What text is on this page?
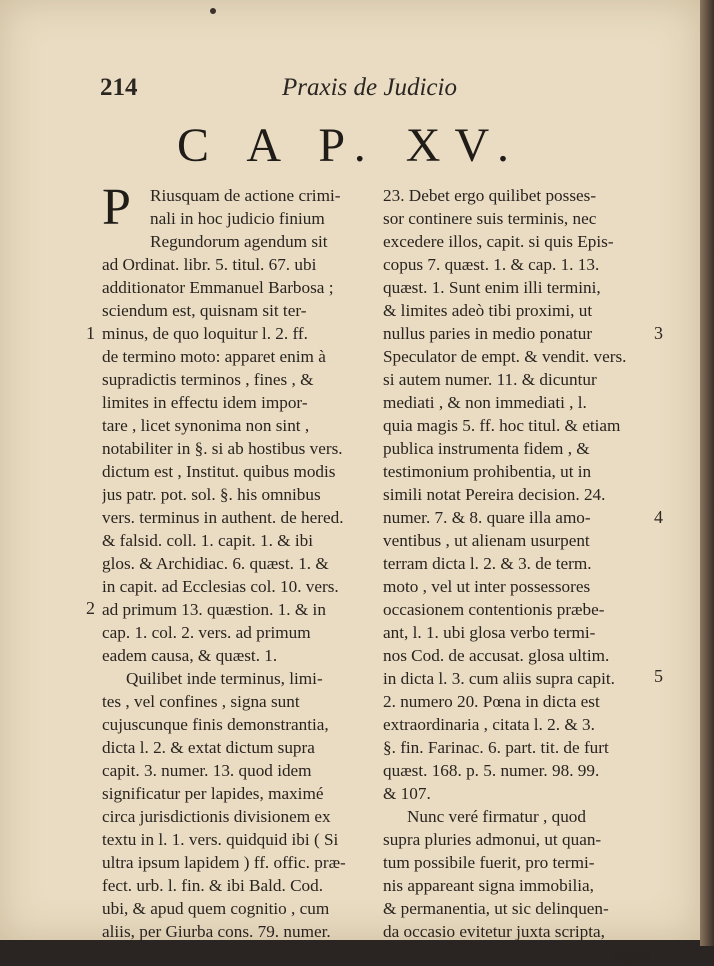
214	Praxis de Judicio
C A P. XV.
P	Riusquam de actione crimi-
nali in hoc judicio finium
Regundorum agendum sit
ad Ordinat. libr. 5. titul. 67. ubi
additionator Emmanuel Barbosa ;
sciendum est, quisnam sit ter-
minus, de quo loquitur l. 2. ff.
de termino moto: apparet enim à
supradictis terminos , fines , &
limites in effectu idem impor-
tare , licet synonima non sint ,
notabiliter in §. si ab hostibus vers.
dictum est , Institut. quibus modis
jus patr. pot. sol. §. his omnibus
vers. terminus in authent. de hered.
& falsid. coll. 1. capit. 1. & ibi
glos. & Archidiac. 6. quæst. 1. &
in capit. ad Ecclesias col. 10. vers.
ad primum 13. quæstion. 1. & in
cap. 1. col. 2. vers. ad primum
eadem causa, & quæst. 1.
Quilibet inde terminus, limi-
tes , vel confines , signa sunt
cujuscunque finis demonstrantia,
dicta l. 2. & extat dictum supra
capit. 3. numer. 13. quod idem
significatur per lapides, maximé
circa jurisdictionis divisionem ex
textu in l. 1. vers. quidquid ibi ( Si
ultra ipsum lapidem ) ff. offic. præ-
fect. urb. l. fin. & ibi Bald. Cod.
ubi, & apud quem cognitio , cum
aliis, per Giurba cons. 79. numer.
23. Debet ergo quilibet posses-
sor continere suis terminis, nec
excedere illos, capit. si quis Epis-
copus 7. quæst. 1. & cap. 1. 13.
quæst. 1. Sunt enim illi termini,
& limites adeò tibi proximi, ut
nullus paries in medio ponatur
Speculator de empt. & vendit. vers.
si autem numer. 11. & dicuntur
mediati , & non immediati , l.
quia magis 5. ff. hoc titul. & etiam
publica instrumenta fidem , &
testimonium prohibentia, ut in
simili notat Pereira decision. 24.
numer. 7. & 8. quare illa amo-
ventibus , ut alienam usurpent
terram dicta l. 2. & 3. de term.
moto , vel ut inter possessores
occasionem contentionis præbe-
ant, l. 1. ubi glosa verbo termi-
nos Cod. de accusat. glosa ultim.
in dicta l. 3. cum aliis supra capit.
2. numero 20. Pœna in dicta est
extraordinaria , citata l. 2. & 3.
§. fin. Farinac. 6. part. tit. de furt
quæst. 168. p. 5. numer. 98. 99.
& 107.
Nunc veré firmatur , quod
supra pluries admonui, ut quan-
tum possibile fuerit, pro termi-
nis appareant signa immobilia,
& permanentia, ut sic delinquen-
da occasio evitetur juxta scripta,
supra
1
2
3
4
5
